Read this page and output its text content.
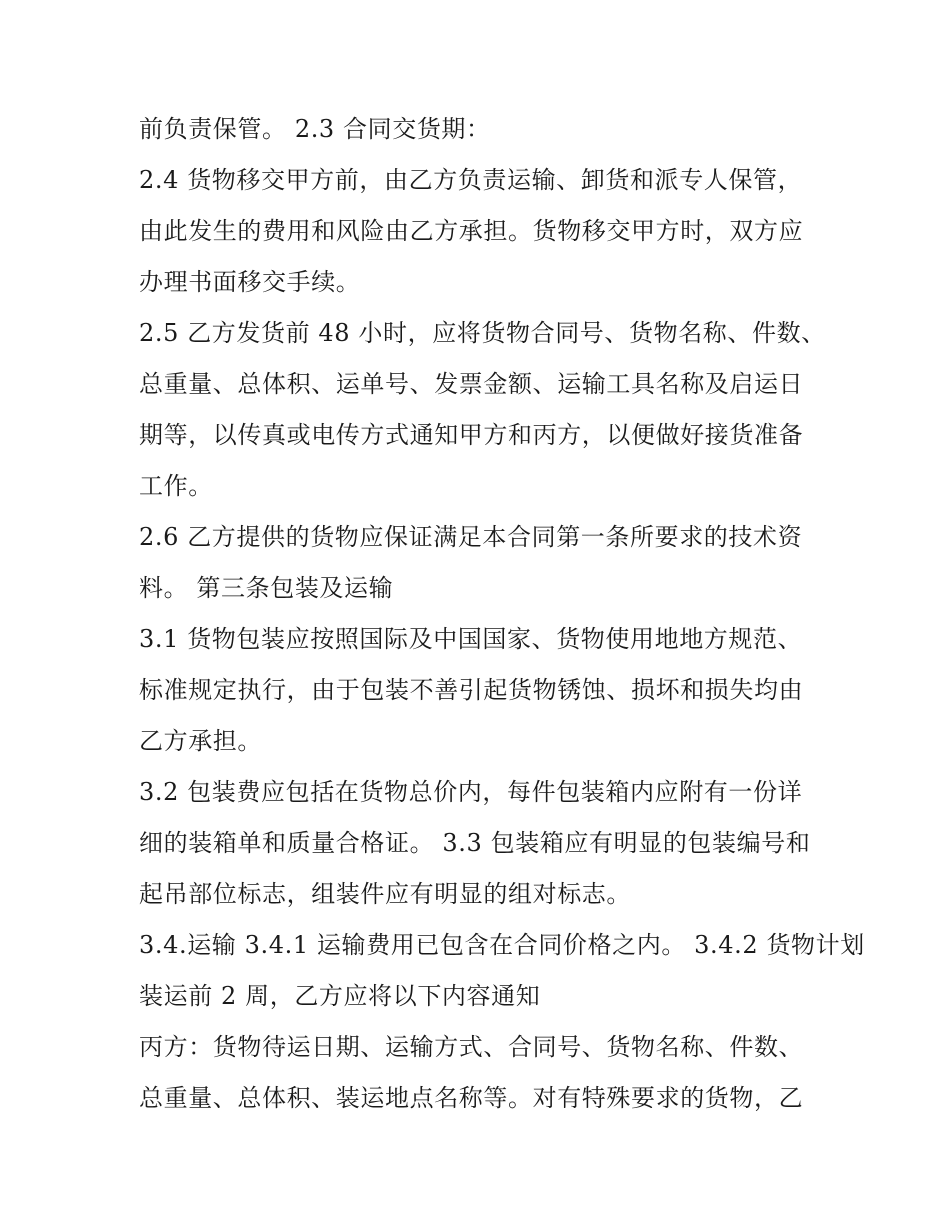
前负责保管。 2.3 合同交货期：
2.4 货物移交甲方前，由乙方负责运输、卸货和派专人保管，
由此发生的费用和风险由乙方承担。货物移交甲方时，双方应
办理书面移交手续。
2.5 乙方发货前 48 小时，应将货物合同号、货物名称、件数、
总重量、总体积、运单号、发票金额、运输工具名称及启运日
期等，以传真或电传方式通知甲方和丙方，以便做好接货准备
工作。
2.6 乙方提供的货物应保证满足本合同第一条所要求的技术资
料。 第三条包装及运输
3.1 货物包装应按照国际及中国国家、货物使用地地方规范、
标准规定执行，由于包装不善引起货物锈蚀、损坏和损失均由
乙方承担。
3.2 包装费应包括在货物总价内，每件包装箱内应附有一份详
细的装箱单和质量合格证。 3.3 包装箱应有明显的包装编号和
起吊部位标志，组装件应有明显的组对标志。
3.4.运输 3.4.1 运输费用已包含在合同价格之内。 3.4.2 货物计划
装运前 2 周，乙方应将以下内容通知
丙方：货物待运日期、运输方式、合同号、货物名称、件数、
总重量、总体积、装运地点名称等。对有特殊要求的货物，乙
